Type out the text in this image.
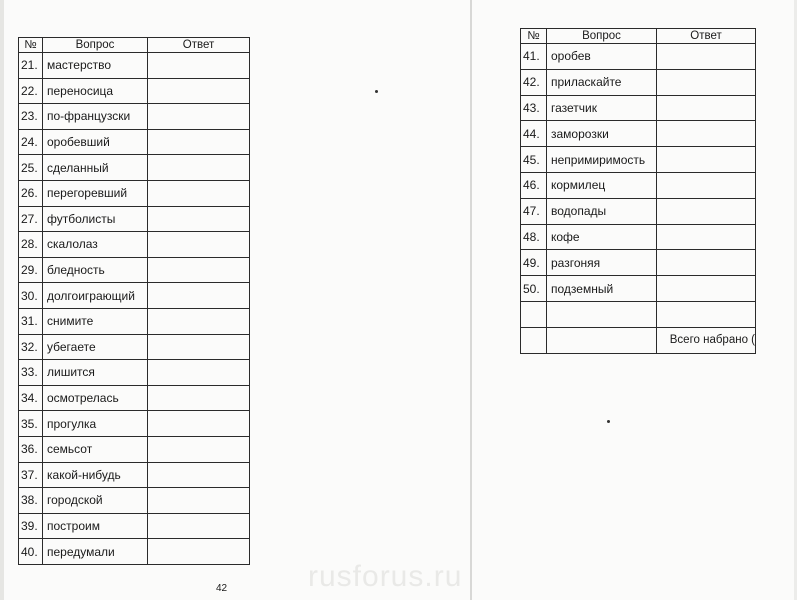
rusforus.ru
№	Вопрос	Ответ
21.	мастерство	
22.	переносица	
23.	по-французски	
24.	оробевший	
25.	сделанный	
26.	перегоревший	
27.	футболисты	
28.	скалолаз	
29.	бледность	
30.	долгоиграющий	
31.	снимите	
32.	убегаете	
33.	лишится	
34.	осмотрелась	
35.	прогулка	
36.	семьсот	
37.	какой-нибудь	
38.	городской	
39.	построим	
40.	передумали	
№	Вопрос	Ответ
41.	оробев	
42.	приласкайте	
43.	газетчик	
44.	заморозки	
45.	непримиримость	
46.	кормилец	
47.	водопады	
48.	кофе	
49.	разгоняя	
50.	подземный	

		Всего набрано (
42
